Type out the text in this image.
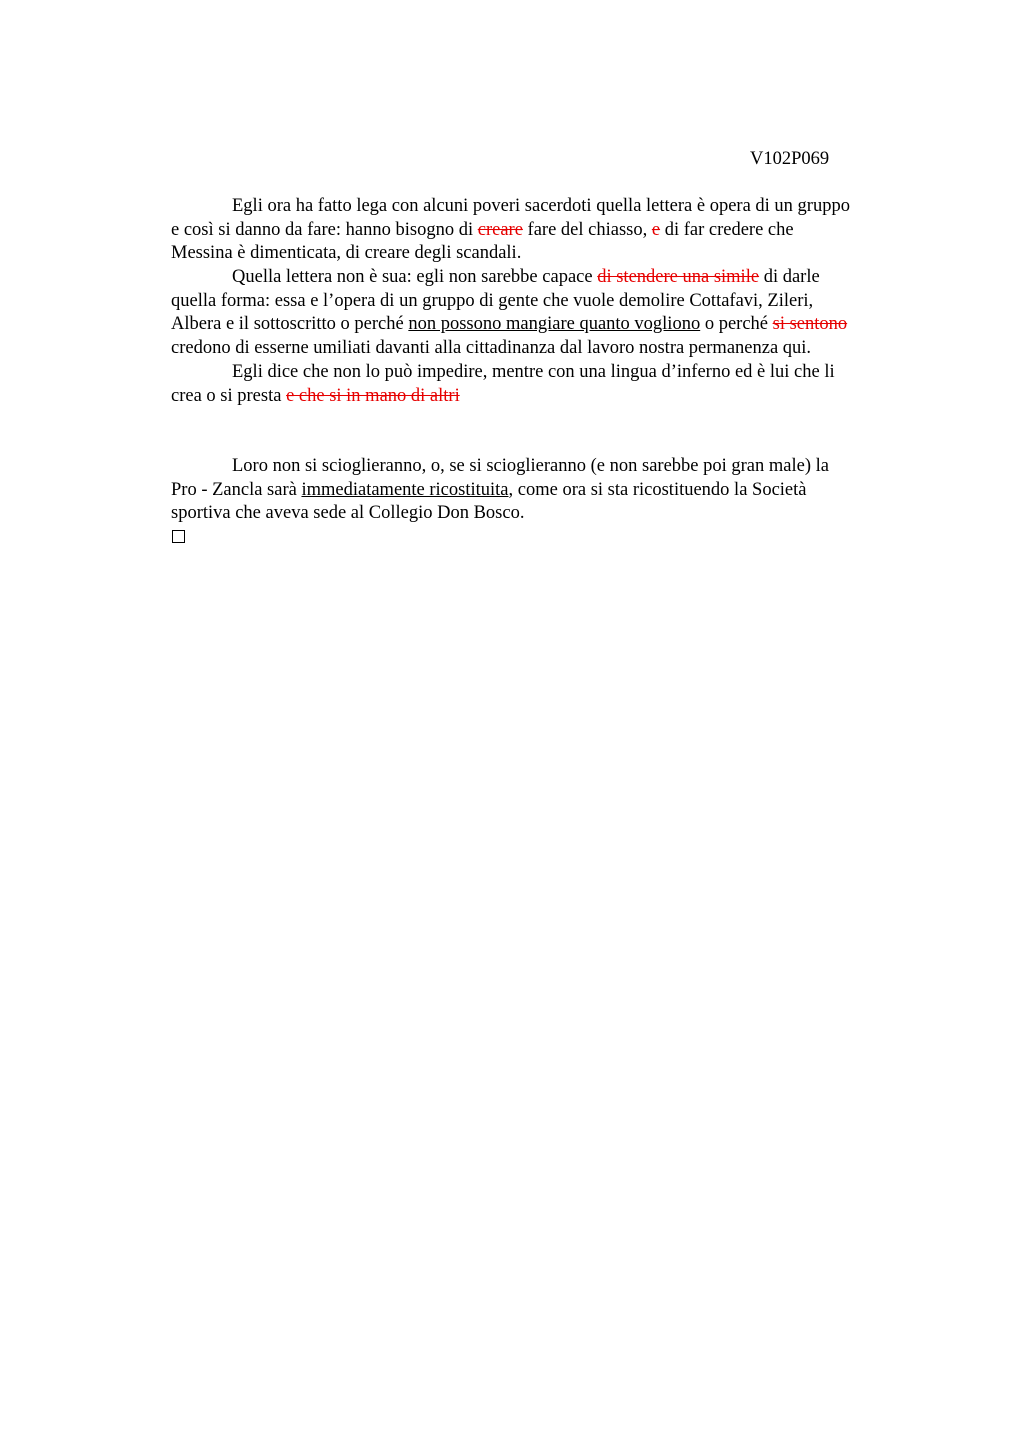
V102P069
Egli ora ha fatto lega con alcuni poveri sacerdoti quella lettera è opera di un gruppo
e così si danno da fare: hanno bisogno di creare fare del chiasso, e di far credere che
Messina è dimenticata, di creare degli scandali.
Quella lettera non è sua: egli non sarebbe capace di stendere una simile di darle
quella forma: essa e l’opera di un gruppo di gente che vuole demolire Cottafavi, Zileri,
Albera e il sottoscritto o perché non possono mangiare quanto vogliono o perché si sentono
credono di esserne umiliati davanti alla cittadinanza dal lavoro nostra permanenza qui.
Egli dice che non lo può impedire, mentre con una lingua d’inferno ed è lui che li
crea o si presta e che si in mano di altri
Loro non si scioglieranno, o, se si scioglieranno (e non sarebbe poi gran male) la
Pro - Zancla sarà immediatamente ricostituita, come ora si sta ricostituendo la Società
sportiva che aveva sede al Collegio Don Bosco.
